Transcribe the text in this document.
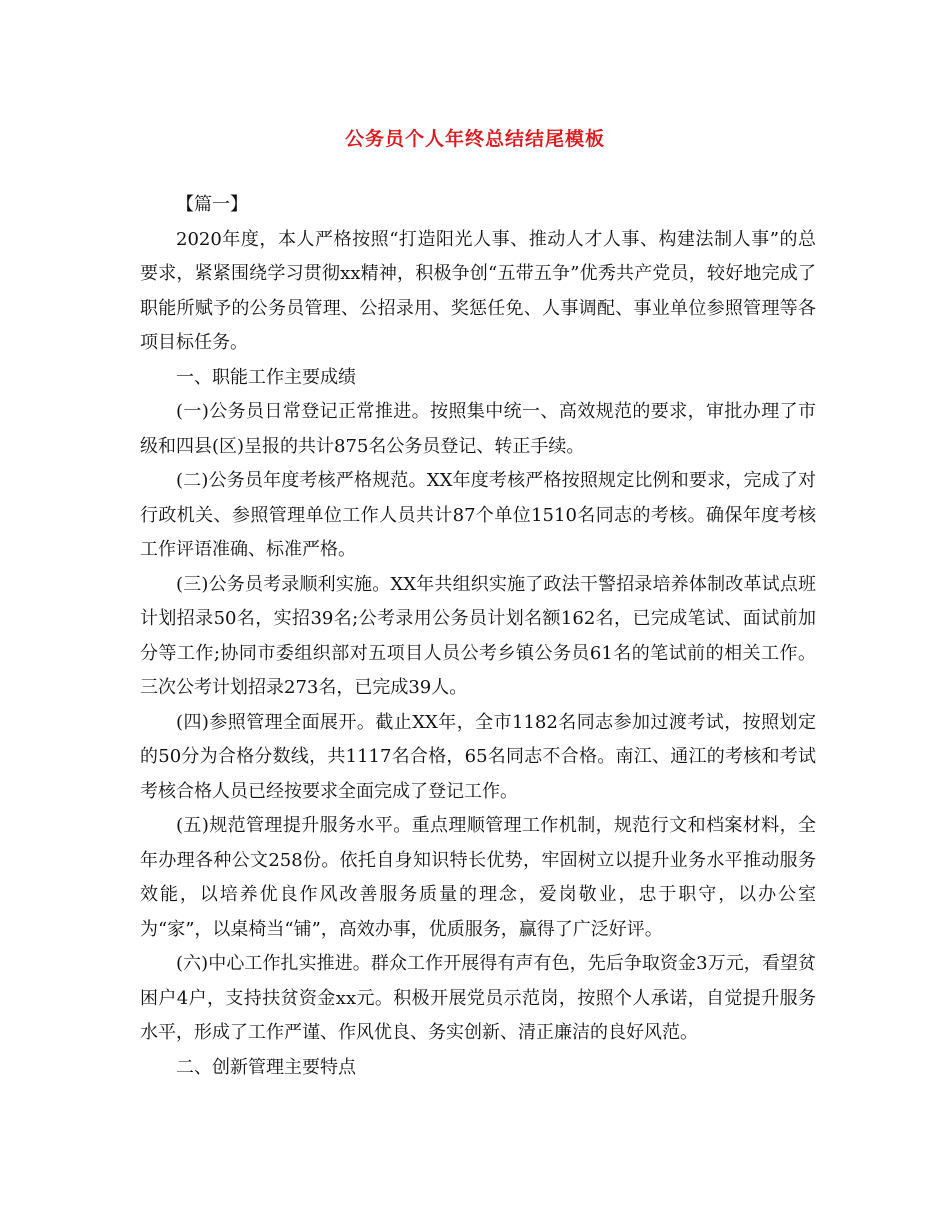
公务员个人年终总结结尾模板

【篇一】

2020年度，本人严格按照“打造阳光人事、推动人才人事、构建法制人事”的总要求，紧紧围绕学习贯彻xx精神，积极争创“五带五争”优秀共产党员，较好地完成了职能所赋予的公务员管理、公招录用、奖惩任免、人事调配、事业单位参照管理等各项目标任务。

一、职能工作主要成绩

(一)公务员日常登记正常推进。按照集中统一、高效规范的要求，审批办理了市级和四县(区)呈报的共计875名公务员登记、转正手续。

(二)公务员年度考核严格规范。XX年度考核严格按照规定比例和要求，完成了对行政机关、参照管理单位工作人员共计87个单位1510名同志的考核。确保年度考核工作评语准确、标准严格。

(三)公务员考录顺利实施。XX年共组织实施了政法干警招录培养体制改革试点班计划招录50名，实招39名;公考录用公务员计划名额162名，已完成笔试、面试前加分等工作;协同市委组织部对五项目人员公考乡镇公务员61名的笔试前的相关工作。三次公考计划招录273名，已完成39人。

(四)参照管理全面展开。截止XX年，全市1182名同志参加过渡考试，按照划定的50分为合格分数线，共1117名合格，65名同志不合格。南江、通江的考核和考试考核合格人员已经按要求全面完成了登记工作。

(五)规范管理提升服务水平。重点理顺管理工作机制，规范行文和档案材料，全年办理各种公文258份。依托自身知识特长优势，牢固树立以提升业务水平推动服务效能，以培养优良作风改善服务质量的理念，爱岗敬业，忠于职守，以办公室为“家”，以桌椅当“铺”，高效办事，优质服务，赢得了广泛好评。

(六)中心工作扎实推进。群众工作开展得有声有色，先后争取资金3万元，看望贫困户4户，支持扶贫资金xx元。积极开展党员示范岗，按照个人承诺，自觉提升服务水平，形成了工作严谨、作风优良、务实创新、清正廉洁的良好风范。

二、创新管理主要特点
